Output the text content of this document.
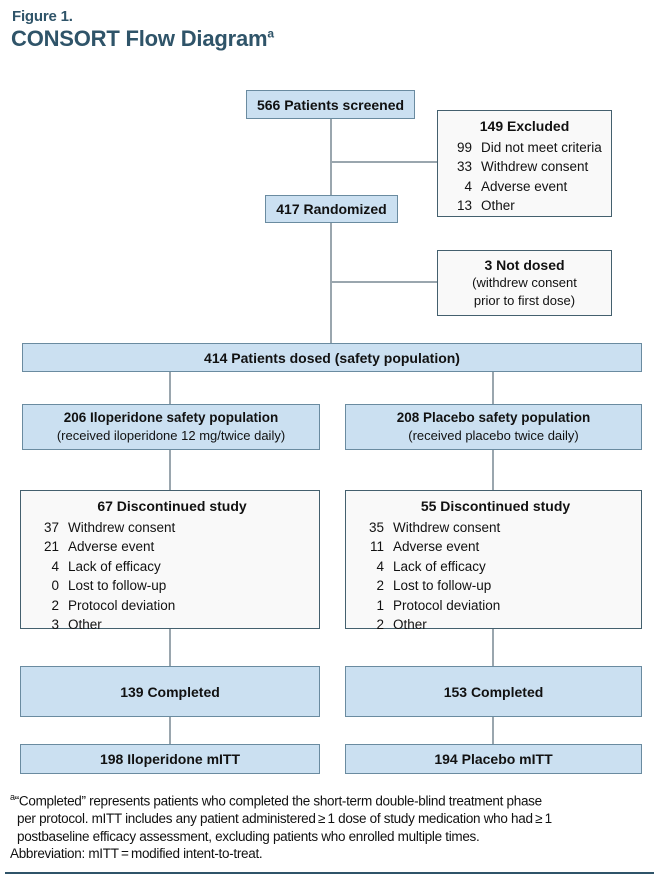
Figure 1.
CONSORT Flow Diagram$^a$
566 Patients screened
149 Excluded
99 Did not meet criteria
33 Withdrew consent
4 Adverse event
13 Other
417 Randomized
3 Not dosed
(withdrew consent
prior to first dose)
414 Patients dosed (safety population)
206 Iloperidone safety population
(received iloperidone 12 mg/twice daily)
208 Placebo safety population
(received placebo twice daily)
67 Discontinued study
37 Withdrew consent
21 Adverse event
4 Lack of efficacy
0 Lost to follow-up
2 Protocol deviation
3 Other
55 Discontinued study
35 Withdrew consent
11 Adverse event
4 Lack of efficacy
2 Lost to follow-up
1 Protocol deviation
2 Other
139 Completed	153 Completed
198 Iloperidone mITT	194 Placebo mITT
$^a$“Completed” represents patients who completed the short-term double-blind treatment phase
per protocol. mITT includes any patient administered ≥ 1 dose of study medication who had ≥ 1
postbaseline efficacy assessment, excluding patients who enrolled multiple times.
Abbreviation: mITT = modified intent-to-treat.
